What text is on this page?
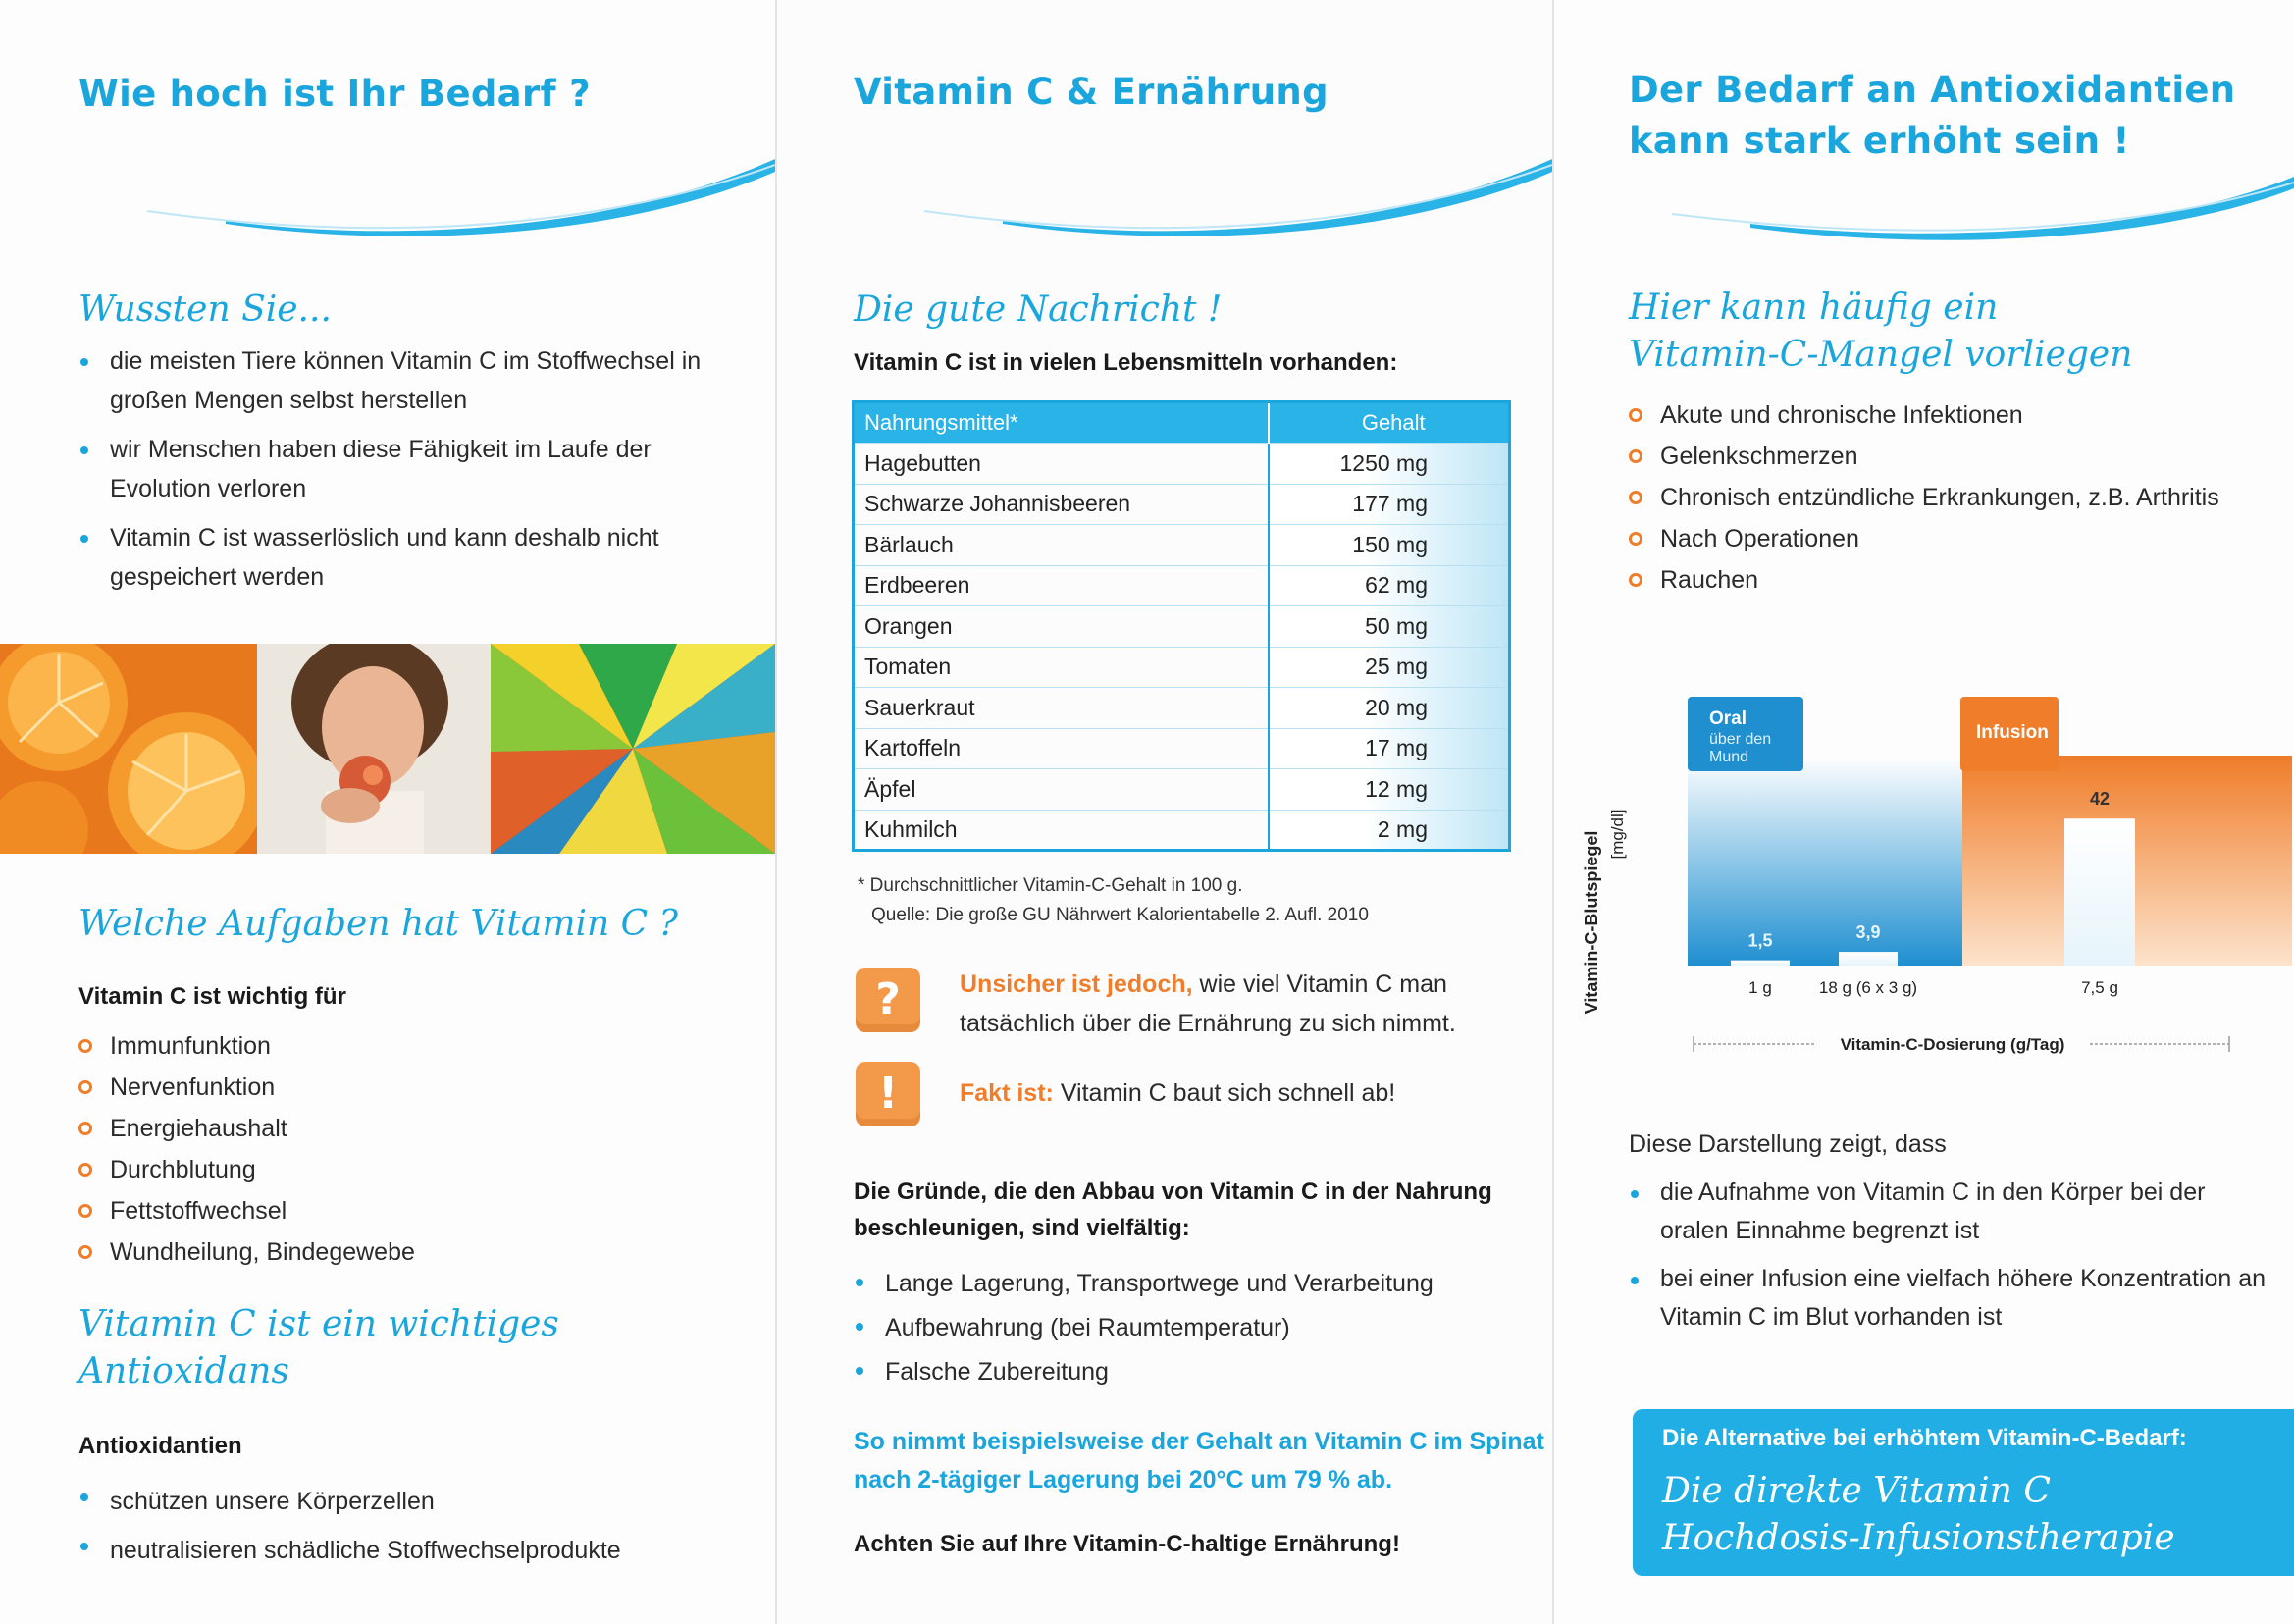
Wie hoch ist Ihr Bedarf ?
Wussten Sie...
die meisten Tiere können Vitamin C im Stoffwechsel in großen Mengen selbst herstellen
wir Menschen haben diese Fähigkeit im Laufe der Evolution verloren
Vitamin C ist wasserlöslich und kann deshalb nicht gespeichert werden
Welche Aufgaben hat Vitamin C ?
Vitamin C ist wichtig für
Immunfunktion
Nervenfunktion
Energiehaushalt
Durchblutung
Fettstoffwechsel
Wundheilung, Bindegewebe
Vitamin C ist ein wichtiges Antioxidans
Antioxidantien
schützen unsere Körperzellen
neutralisieren schädliche Stoffwechselprodukte
Vitamin C & Ernährung
Die gute Nachricht !
Vitamin C ist in vielen Lebensmitteln vorhanden:
Nahrungsmittel*	Gehalt
Hagebutten	1250 mg
Schwarze Johannisbeeren	177 mg
Bärlauch	150 mg
Erdbeeren	62 mg
Orangen	50 mg
Tomaten	25 mg
Sauerkraut	20 mg
Kartoffeln	17 mg
Äpfel	12 mg
Kuhmilch	2 mg
* Durchschnittlicher Vitamin-C-Gehalt in 100 g.
Quelle: Die große GU Nährwert Kalorientabelle 2. Aufl. 2010
?	Unsicher ist jedoch, wie viel Vitamin C man
tatsächlich über die Ernährung zu sich nimmt.
!	Fakt ist: Vitamin C baut sich schnell ab!
Die Gründe, die den Abbau von Vitamin C in der Nahrung
beschleunigen, sind vielfältig:
Lange Lagerung, Transportwege und Verarbeitung
Aufbewahrung (bei Raumtemperatur)
Falsche Zubereitung
So nimmt beispielsweise der Gehalt an Vitamin C im Spinat
nach 2-tägiger Lagerung bei 20°C um 79 % ab.
Achten Sie auf Ihre Vitamin-C-haltige Ernährung!
Der Bedarf an Antioxidantien
kann stark erhöht sein !
Hier kann häufig ein
Vitamin-C-Mangel vorliegen
Akute und chronische Infektionen
Gelenkschmerzen
Chronisch entzündliche Erkrankungen, z.B. Arthritis
Nach Operationen
Rauchen
Oral
über den
Mund
Infusion
Vitamin-C-Blutspiegel [mg/dl]
1,5
1 g
3,9
18 g (6 x 3 g)
42
7,5 g
Vitamin-C-Dosierung (g/Tag)
Diese Darstellung zeigt, dass
die Aufnahme von Vitamin C in den Körper bei der oralen Einnahme begrenzt ist
bei einer Infusion eine vielfach höhere Konzentration an Vitamin C im Blut vorhanden ist
Die Alternative bei erhöhtem Vitamin-C-Bedarf:
Die direkte Vitamin C
Hochdosis-Infusionstherapie
